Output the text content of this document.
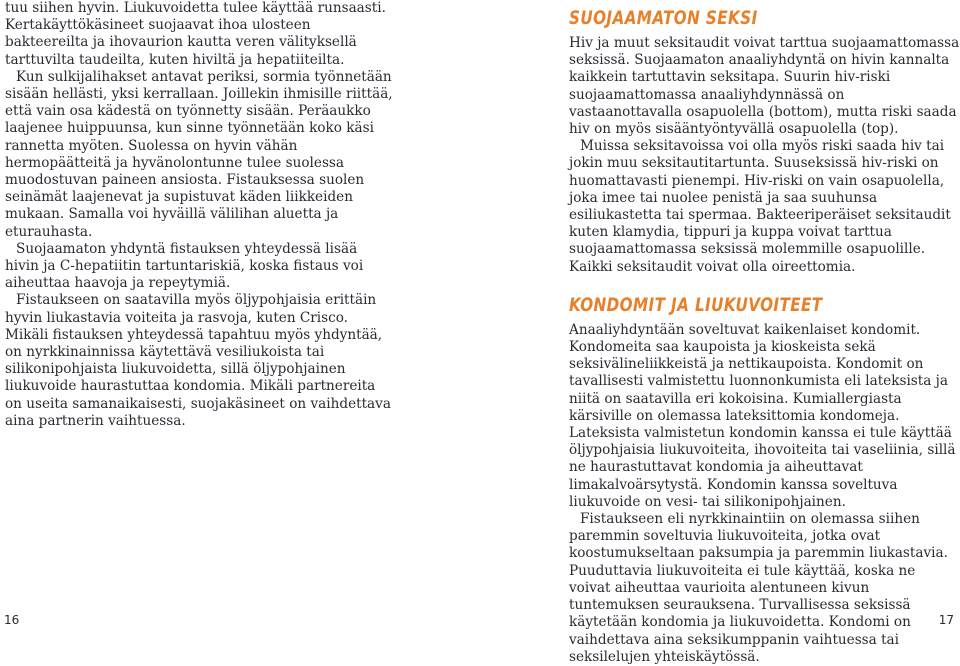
tuu siihen hyvin. Liukuvoidetta tulee käyttää runsaasti. Kertakäyttökäsineet suojaavat ihoa ulosteen bakteereilta ja ihovaurion kautta veren välityksellä tarttuvilta taudeilta, kuten hiviltä ja hepatiiteilta.

Kun sulkijalihakset antavat periksi, sormia työnnetään sisään hellästi, yksi kerrallaan. Joillekin ihmisille riittää, että vain osa kädestä on työnnetty sisään. Peräaukko laajenee huippuunsa, kun sinne työnnetään koko käsi rannetta myöten. Suolessa on hyvin vähän hermopäätteitä ja hyvänolontunne tulee suolessa muodostuvan paineen ansiosta. Fistauksessa suolen seinämät laajenevat ja supistuvat käden liikkeiden mukaan. Samalla voi hyväillä välilihan aluetta ja eturauhasta.

Suojaamaton yhdyntä fistauksen yhteydessä lisää hivin ja C-hepatiitin tartuntariskiä, koska fistaus voi aiheuttaa haavoja ja repeytymiä.

Fistaukseen on saatavilla myös öljypohjaisia erittäin hyvin liukastavia voiteita ja rasvoja, kuten Crisco. Mikäli fistauksen yhteydessä tapahtuu myös yhdyntää, on nyrkkinainnissa käytettävä vesiliukoista tai silikonipohjaista liukuvoidetta, sillä öljypohjainen liukuvoide haurastuttaa kondomia. Mikäli partnereita on useita samanaikaisesti, suojakäsineet on vaihdettava aina partnerin vaihtuessa.

16
SUOJAAMATON SEKSI

Hiv ja muut seksitaudit voivat tarttua suojaamattomassa seksissä. Suojaamaton anaaliyhdyntä on hivin kannalta kaikkein tartuttavin seksitapa. Suurin hiv-riski suojaamattomassa anaaliyhdynnässä on vastaanottavalla osapuolella (bottom), mutta riski saada hiv on myös sisääntyöntyvällä osapuolella (top).

Muissa seksitavoissa voi olla myös riski saada hiv tai jokin muu seksitautitartunta. Suuseksissä hiv-riski on huomattavasti pienempi. Hiv-riski on vain osapuolella, joka imee tai nuolee penistä ja saa suuhunsa esiliukastetta tai spermaa. Bakteeriperäiset seksitaudit kuten klamydia, tippuri ja kuppa voivat tarttua suojaamattomassa seksissä molemmille osapuolille. Kaikki seksitaudit voivat olla oireettomia.

KONDOMIT JA LIUKUVOITEET

Anaaliyhdyntään soveltuvat kaikenlaiset kondomit. Kondomeita saa kaupoista ja kioskeista sekä seksivälineliikkeistä ja nettikaupoista. Kondomit on tavallisesti valmistettu luonnonkumista eli lateksista ja niitä on saatavilla eri kokoisina. Kumiallergiasta kärsiville on olemassa lateksittomia kondomeja. Lateksista valmistetun kondomin kanssa ei tule käyttää öljypohjaisia liukuvoiteita, ihovoiteita tai vaseliinia, sillä ne haurastuttavat kondomia ja aiheuttavat limakalvoärsytystä. Kondomin kanssa soveltuva liukuvoide on vesi- tai silikonipohjainen.

Fistaukseen eli nyrkkinaintiin on olemassa siihen paremmin soveltuvia liukuvoiteita, jotka ovat koostumukseltaan paksumpia ja paremmin liukastavia. Puuduttavia liukuvoiteita ei tule käyttää, koska ne voivat aiheuttaa vaurioita alentuneen kivun tuntemuksen seurauksena. Turvallisessa seksissä käytetään kondomia ja liukuvoidetta. Kondomi on vaihdettava aina seksikumppanin vaihtuessa tai seksilelujen yhteiskäytössä.

17
